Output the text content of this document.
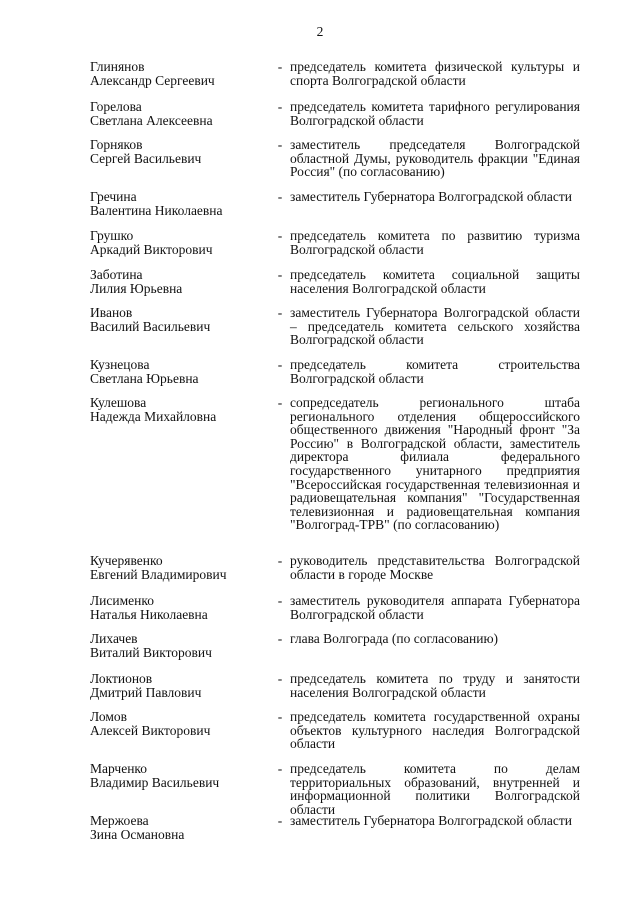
2
Глинянов
Александр Сергеевич
- председатель комитета физической культуры и спорта Волгоградской области
Горелова
Светлана Алексеевна
- председатель комитета тарифного регулирования Волгоградской области
Горняков
Сергей Васильевич
- заместитель председателя Волгоградской областной Думы, руководитель фракции "Единая Россия" (по согласованию)
Гречина
Валентина Николаевна
- заместитель Губернатора Волгоградской области
Грушко
Аркадий Викторович
- председатель комитета по развитию туризма Волгоградской области
Заботина
Лилия Юрьевна
- председатель комитета социальной защиты населения Волгоградской области
Иванов
Василий Васильевич
- заместитель Губернатора Волгоградской области – председатель комитета сельского хозяйства Волгоградской области
Кузнецова
Светлана Юрьевна
- председатель комитета строительства Волгоградской области
Кулешова
Надежда Михайловна
- сопредседатель регионального штаба регионального отделения общероссийского общественного движения "Народный фронт "За Россию" в Волгоградской области, заместитель директора филиала федерального государственного унитарного предприятия "Всероссийская государственная телевизионная и радиовещательная компания" "Государственная телевизионная и радиовещательная компания "Волгоград-ТРВ" (по согласованию)
Кучерявенко
Евгений Владимирович
- руководитель представительства Волгоградской области в городе Москве
Лисименко
Наталья Николаевна
- заместитель руководителя аппарата Губернатора Волгоградской области
Лихачев
Виталий Викторович
- глава Волгограда (по согласованию)
Локтионов
Дмитрий Павлович
- председатель комитета по труду и занятости населения Волгоградской области
Ломов
Алексей Викторович
- председатель комитета государственной охраны объектов культурного наследия Волгоградской области
Марченко
Владимир Васильевич
- председатель комитета по делам территориальных образований, внутренней и информационной политики Волгоградской области
Мержоева
Зина Османовна
- заместитель Губернатора Волгоградской области
